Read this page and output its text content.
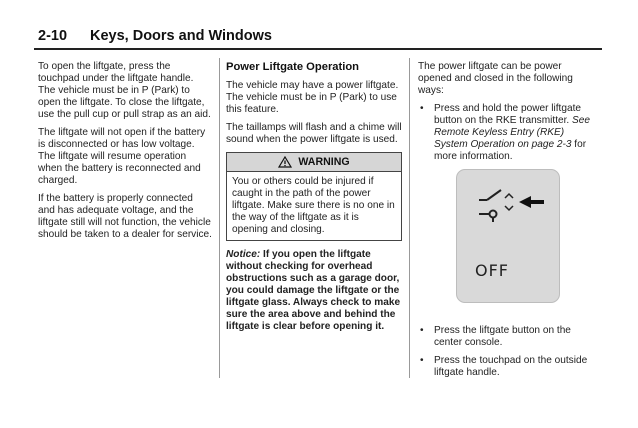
2-10 Keys, Doors and Windows

To open the liftgate, press the touchpad under the liftgate handle. The vehicle must be in P (Park) to open the liftgate. To close the liftgate, use the pull cup or pull strap as an aid.

The liftgate will not open if the battery is disconnected or has low voltage. The liftgate will resume operation when the battery is reconnected and charged.

If the battery is properly connected and has adequate voltage, and the liftgate still will not function, the vehicle should be taken to a dealer for service.

Power Liftgate Operation

The vehicle may have a power liftgate. The vehicle must be in P (Park) to use this feature.

The taillamps will flash and a chime will sound when the power liftgate is used.

WARNING
You or others could be injured if caught in the path of the power liftgate. Make sure there is no one in the way of the liftgate as it is opening and closing.
Notice: If you open the liftgate without checking for overhead obstructions such as a garage door, you could damage the liftgate or the liftgate glass. Always check to make sure the area above and behind the liftgate is clear before opening it.

The power liftgate can be power opened and closed in the following ways:

• Press and hold the power liftgate button on the RKE transmitter. See Remote Keyless Entry (RKE) System Operation on page 2-3 for more information.
OFF
• Press the liftgate button on the center console.
• Press the touchpad on the outside liftgate handle.
